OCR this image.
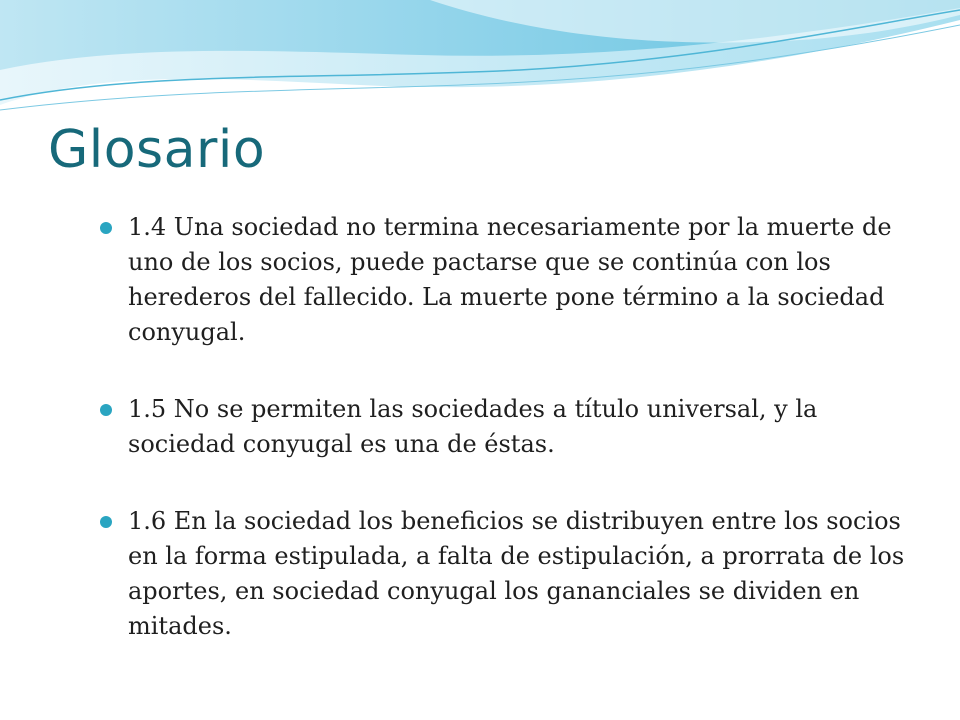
Glosario
1.4 Una sociedad no termina necesariamente por la muerte de uno de los socios, puede pactarse que se continúa con los herederos del fallecido. La muerte pone término a la sociedad conyugal.
1.5 No se permiten las sociedades a título universal, y la sociedad conyugal es una de éstas.
1.6 En la sociedad los beneficios se distribuyen entre los socios en la forma estipulada, a falta de estipulación, a prorrata de los aportes, en sociedad conyugal los gananciales se dividen en mitades.
